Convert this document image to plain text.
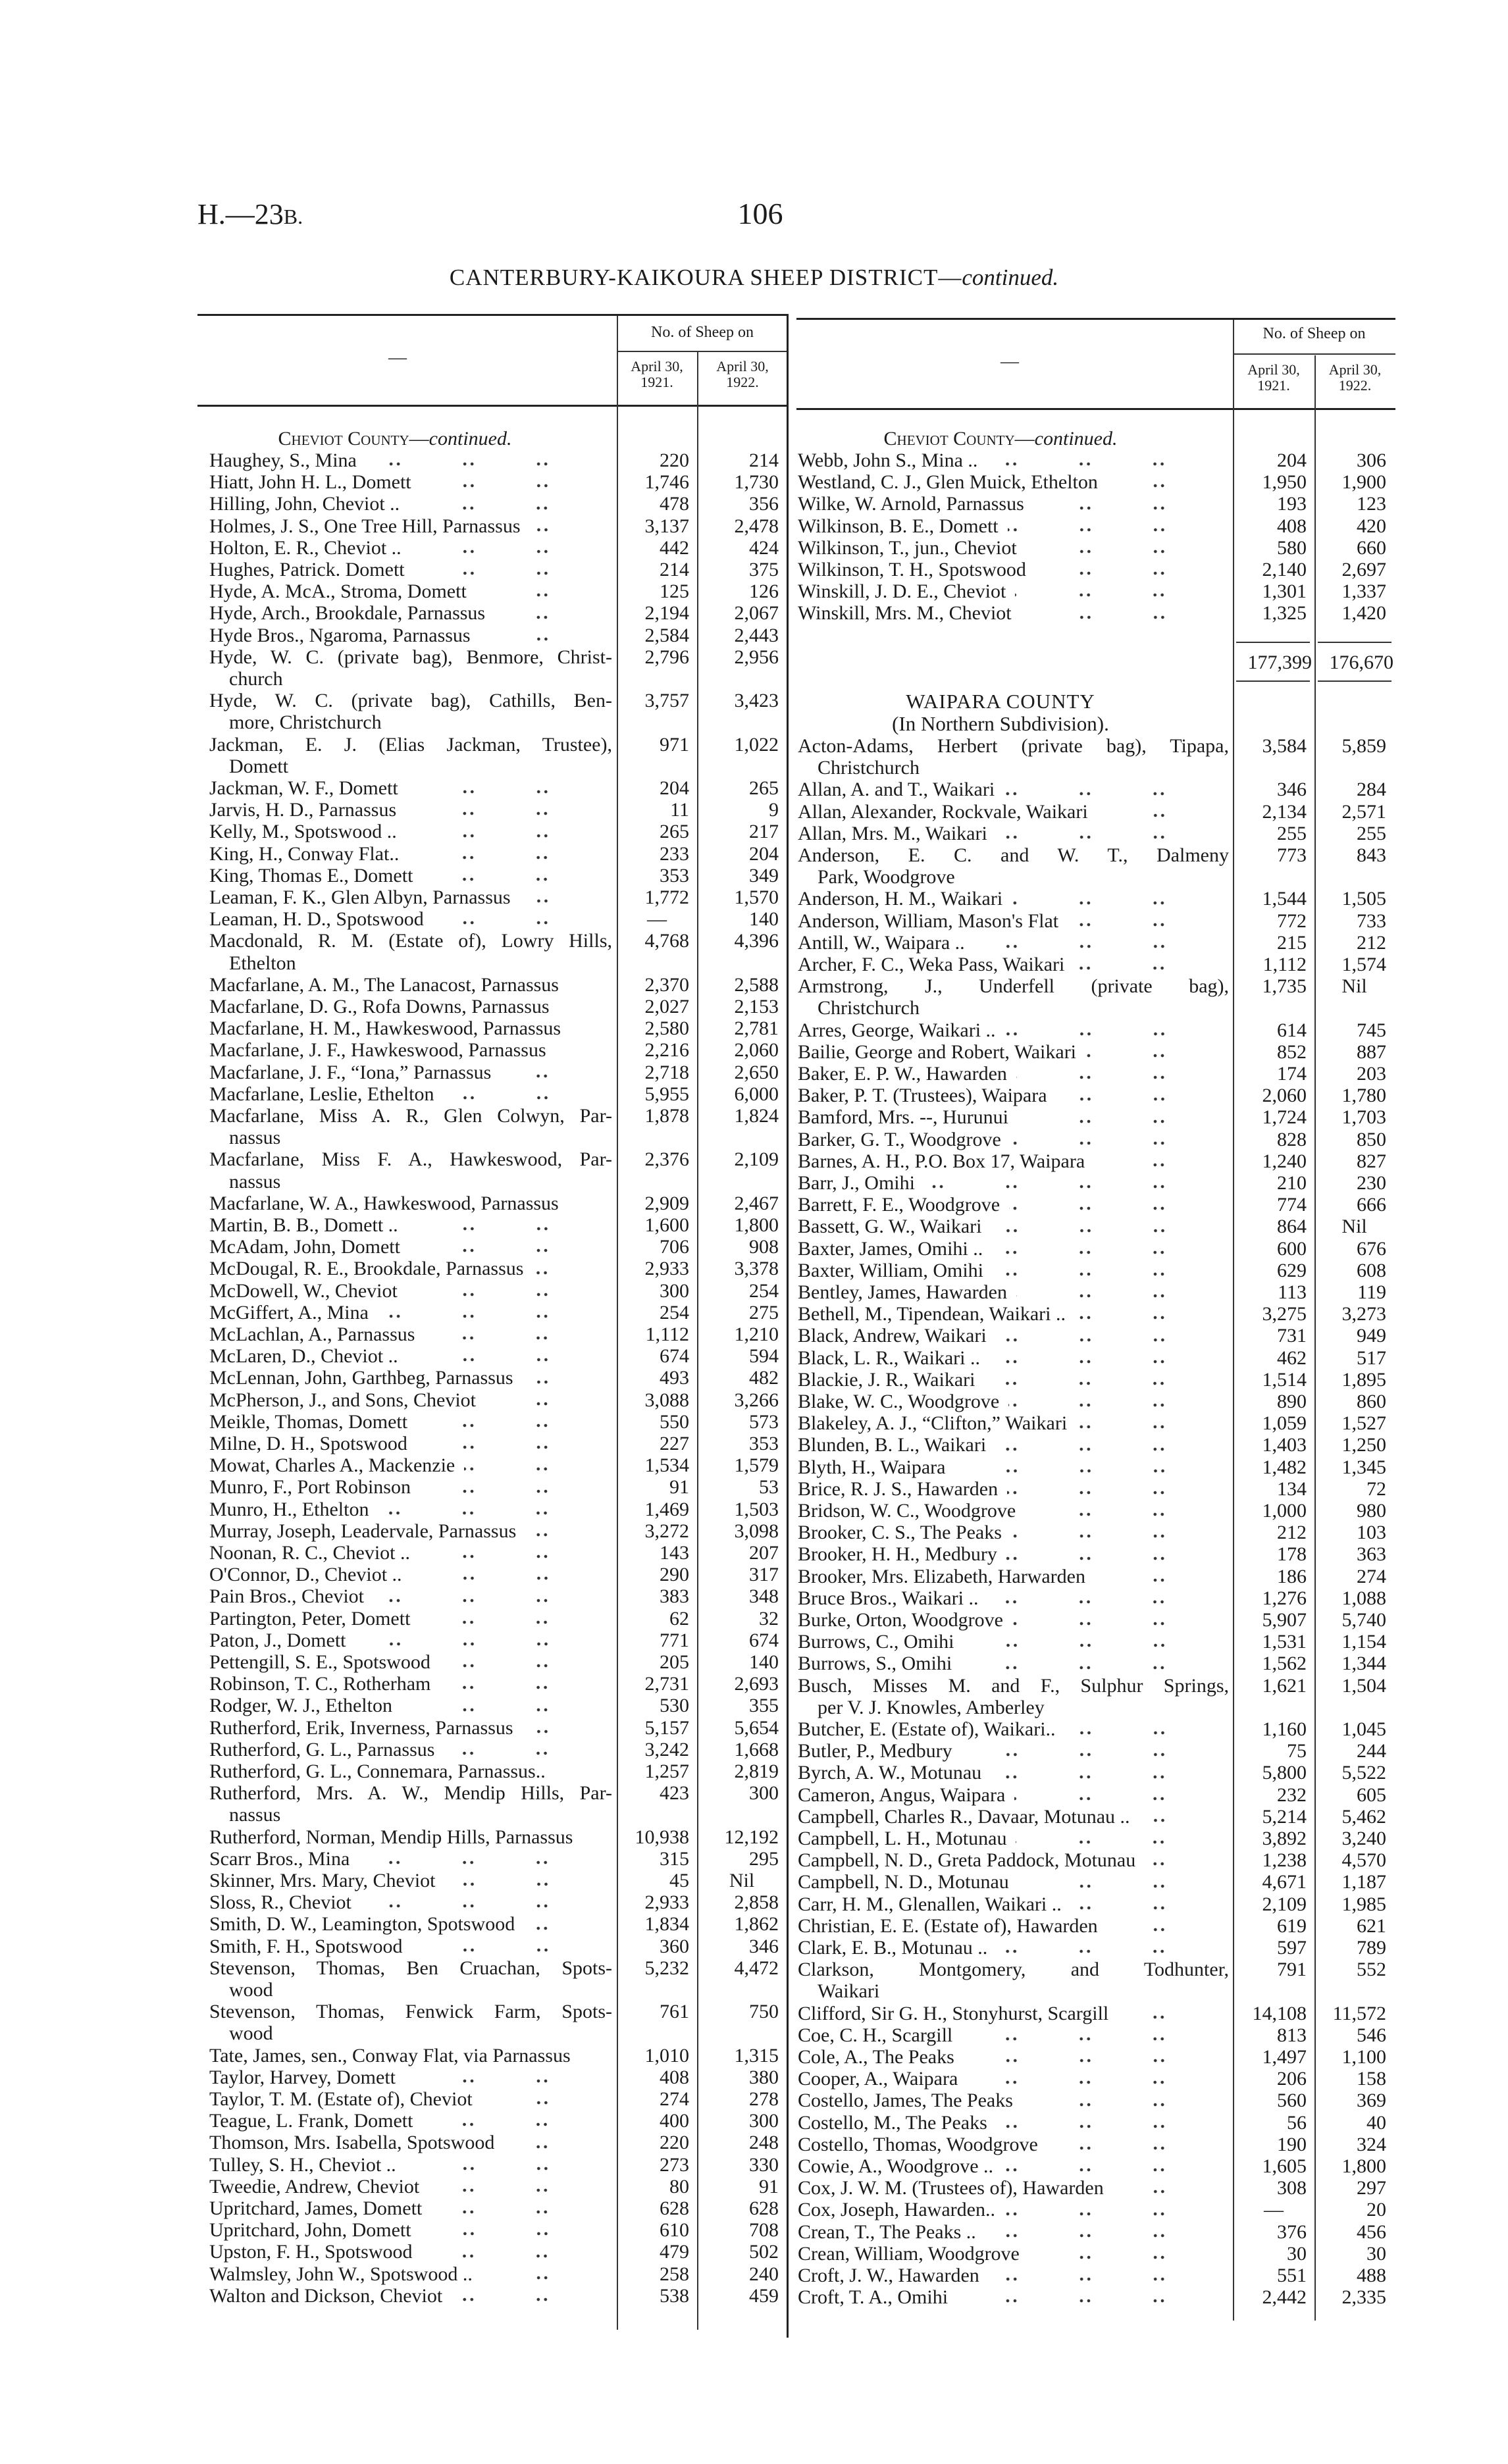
H.—23B.	106
CANTERBURY-KAIKOURA SHEEP DISTRICT—continued.
—
No. of Sheep on
April 30,
1921.
April 30,
1922.
Cheviot County—continued.
Haughey, S., Mina	220	214
Hiatt, John H. L., Domett	1,746	1,730
Hilling, John, Cheviot ..	478	356
Holmes, J. S., One Tree Hill, Parnassus	3,137	2,478
Holton, E. R., Cheviot ..	442	424
Hughes, Patrick. Domett	214	375
Hyde, A. McA., Stroma, Domett	125	126
Hyde, Arch., Brookdale, Parnassus	2,194	2,067
Hyde Bros., Ngaroma, Parnassus	2,584	2,443
Hyde, W. C. (private bag), Benmore, Christ-
church
2,796	2,956
Hyde, W. C. (private bag), Cathills, Ben-
more, Christchurch
3,757	3,423
Jackman, E. J. (Elias Jackman, Trustee),
Domett
971	1,022
Jackman, W. F., Domett	204	265
Jarvis, H. D., Parnassus	11	9
Kelly, M., Spotswood ..	265	217
King, H., Conway Flat..	233	204
King, Thomas E., Domett	353	349
Leaman, F. K., Glen Albyn, Parnassus	1,772	1,570
Leaman, H. D., Spotswood	—	140
Macdonald, R. M. (Estate of), Lowry Hills,
Ethelton
4,768	4,396
Macfarlane, A. M., The Lanacost, Parnassus	2,370	2,588
Macfarlane, D. G., Rofa Downs, Parnassus	2,027	2,153
Macfarlane, H. M., Hawkeswood, Parnassus	2,580	2,781
Macfarlane, J. F., Hawkeswood, Parnassus	2,216	2,060
Macfarlane, J. F., “Iona,” Parnassus	2,718	2,650
Macfarlane, Leslie, Ethelton	5,955	6,000
Macfarlane, Miss A. R., Glen Colwyn, Par-
nassus
1,878	1,824
Macfarlane, Miss F. A., Hawkeswood, Par-
nassus
2,376	2,109
Macfarlane, W. A., Hawkeswood, Parnassus	2,909	2,467
Martin, B. B., Domett ..	1,600	1,800
McAdam, John, Domett	706	908
McDougal, R. E., Brookdale, Parnassus	2,933	3,378
McDowell, W., Cheviot	300	254
McGiffert, A., Mina	254	275
McLachlan, A., Parnassus	1,112	1,210
McLaren, D., Cheviot ..	674	594
McLennan, John, Garthbeg, Parnassus	493	482
McPherson, J., and Sons, Cheviot	3,088	3,266
Meikle, Thomas, Domett	550	573
Milne, D. H., Spotswood	227	353
Mowat, Charles A., Mackenzie	1,534	1,579
Munro, F., Port Robinson	91	53
Munro, H., Ethelton	1,469	1,503
Murray, Joseph, Leadervale, Parnassus	3,272	3,098
Noonan, R. C., Cheviot ..	143	207
O'Connor, D., Cheviot ..	290	317
Pain Bros., Cheviot	383	348
Partington, Peter, Domett	62	32
Paton, J., Domett	771	674
Pettengill, S. E., Spotswood	205	140
Robinson, T. C., Rotherham	2,731	2,693
Rodger, W. J., Ethelton	530	355
Rutherford, Erik, Inverness, Parnassus	5,157	5,654
Rutherford, G. L., Parnassus	3,242	1,668
Rutherford, G. L., Connemara, Parnassus..	1,257	2,819
Rutherford, Mrs. A. W., Mendip Hills, Par-
nassus
423	300
Rutherford, Norman, Mendip Hills, Parnassus	10,938	12,192
Scarr Bros., Mina	315	295
Skinner, Mrs. Mary, Cheviot	45	Nil
Sloss, R., Cheviot	2,933	2,858
Smith, D. W., Leamington, Spotswood	1,834	1,862
Smith, F. H., Spotswood	360	346
Stevenson, Thomas, Ben Cruachan, Spots-
wood
5,232	4,472
Stevenson, Thomas, Fenwick Farm, Spots-
wood
761	750
Tate, James, sen., Conway Flat, via Parnassus	1,010	1,315
Taylor, Harvey, Domett	408	380
Taylor, T. M. (Estate of), Cheviot	274	278
Teague, L. Frank, Domett	400	300
Thomson, Mrs. Isabella, Spotswood	220	248
Tulley, S. H., Cheviot ..	273	330
Tweedie, Andrew, Cheviot	80	91
Upritchard, James, Domett	628	628
Upritchard, John, Domett	610	708
Upston, F. H., Spotswood	479	502
Walmsley, John W., Spotswood ..	258	240
Walton and Dickson, Cheviot	538	459
—
No. of Sheep on
April 30,
1921.
April 30,
1922.
Cheviot County—continued.
Webb, John S., Mina ..	204	306
Westland, C. J., Glen Muick, Ethelton	1,950	1,900
Wilke, W. Arnold, Parnassus	193	123
Wilkinson, B. E., Domett	408	420
Wilkinson, T., jun., Cheviot	580	660
Wilkinson, T. H., Spotswood	2,140	2,697
Winskill, J. D. E., Cheviot	1,301	1,337
Winskill, Mrs. M., Cheviot	1,325	1,420
177,399 176,670
WAIPARA COUNTY
(In Northern Subdivision).
Acton-Adams, Herbert (private bag), Tipapa,
Christchurch
3,584	5,859
Allan, A. and T., Waikari	346	284
Allan, Alexander, Rockvale, Waikari	2,134	2,571
Allan, Mrs. M., Waikari	255	255
Anderson, E. C. and W. T., Dalmeny
Park, Woodgrove
773	843
Anderson, H. M., Waikari	1,544	1,505
Anderson, William, Mason's Flat	772	733
Antill, W., Waipara ..	215	212
Archer, F. C., Weka Pass, Waikari	1,112	1,574
Armstrong, J., Underfell (private bag),
Christchurch
1,735	Nil
Arres, George, Waikari ..	614	745
Bailie, George and Robert, Waikari	852	887
Baker, E. P. W., Hawarden	174	203
Baker, P. T. (Trustees), Waipara	2,060	1,780
Bamford, Mrs. --, Hurunui	1,724	1,703
Barker, G. T., Woodgrove	828	850
Barnes, A. H., P.O. Box 17, Waipara	1,240	827
Barr, J., Omihi	210	230
Barrett, F. E., Woodgrove	774	666
Bassett, G. W., Waikari	864	Nil
Baxter, James, Omihi ..	600	676
Baxter, William, Omihi	629	608
Bentley, James, Hawarden	113	119
Bethell, M., Tipendean, Waikari ..	3,275	3,273
Black, Andrew, Waikari	731	949
Black, L. R., Waikari ..	462	517
Blackie, J. R., Waikari	1,514	1,895
Blake, W. C., Woodgrove	890	860
Blakeley, A. J., “Clifton,” Waikari	1,059	1,527
Blunden, B. L., Waikari	1,403	1,250
Blyth, H., Waipara	1,482	1,345
Brice, R. J. S., Hawarden	134	72
Bridson, W. C., Woodgrove	1,000	980
Brooker, C. S., The Peaks	212	103
Brooker, H. H., Medbury	178	363
Brooker, Mrs. Elizabeth, Harwarden	186	274
Bruce Bros., Waikari ..	1,276	1,088
Burke, Orton, Woodgrove	5,907	5,740
Burrows, C., Omihi	1,531	1,154
Burrows, S., Omihi	1,562	1,344
Busch, Misses M. and F., Sulphur Springs,
per V. J. Knowles, Amberley
1,621	1,504
Butcher, E. (Estate of), Waikari..	1,160	1,045
Butler, P., Medbury	75	244
Byrch, A. W., Motunau	5,800	5,522
Cameron, Angus, Waipara	232	605
Campbell, Charles R., Davaar, Motunau ..	5,214	5,462
Campbell, L. H., Motunau	3,892	3,240
Campbell, N. D., Greta Paddock, Motunau	1,238	4,570
Campbell, N. D., Motunau	4,671	1,187
Carr, H. M., Glenallen, Waikari ..	2,109	1,985
Christian, E. E. (Estate of), Hawarden	619	621
Clark, E. B., Motunau ..	597	789
Clarkson, Montgomery, and Todhunter,
Waikari
791	552
Clifford, Sir G. H., Stonyhurst, Scargill	14,108	11,572
Coe, C. H., Scargill	813	546
Cole, A., The Peaks	1,497	1,100
Cooper, A., Waipara	206	158
Costello, James, The Peaks	560	369
Costello, M., The Peaks	56	40
Costello, Thomas, Woodgrove	190	324
Cowie, A., Woodgrove ..	1,605	1,800
Cox, J. W. M. (Trustees of), Hawarden	308	297
Cox, Joseph, Hawarden..	—	20
Crean, T., The Peaks ..	376	456
Crean, William, Woodgrove	30	30
Croft, J. W., Hawarden	551	488
Croft, T. A., Omihi	2,442	2,335
